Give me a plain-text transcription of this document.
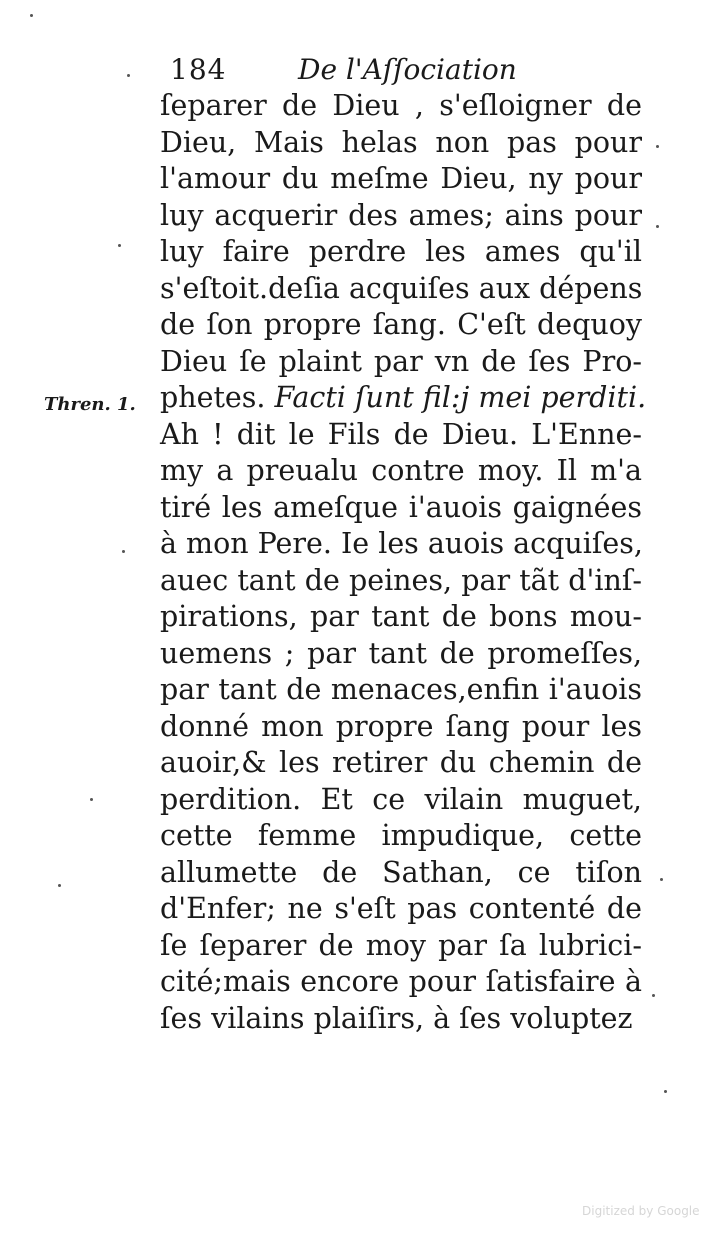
184	De l'Aſſociation
Thren. 1.
ſeparer de Dieu , s'eſloigner de
Dieu, Mais helas non pas pour
l'amour du meſme Dieu, ny pour
luy acquerir des ames; ains pour
luy faire perdre les ames qu'il
s'eſtoit.deſia acquiſes aux dépens
de ſon propre ſang. C'eſt dequoy
Dieu ſe plaint par vn de ſes Pro-
phetes. Facti ſunt fil:j mei perditi.
Ah ! dit le Fils de Dieu. L'Enne-
my a preualu contre moy. Il m'a
tiré les ameſque i'auois gaignées
à mon Pere. Ie les auois acquiſes,
auec tant de peines, par tãt d'inſ-
pirations, par tant de bons mou-
uemens ; par tant de promeſſes,
par tant de menaces,enfin i'auois
donné mon propre ſang pour les
auoir,& les retirer du chemin de
perdition. Et ce vilain muguet,
cette femme impudique, cette
allumette de Sathan, ce tiſon
d'Enfer; ne s'eſt pas contenté de
ſe ſeparer de moy par ſa lubrici-
cité;mais encore pour ſatisfaire à
ſes vilains plaiſirs, à ſes voluptez
Digitized by Google
